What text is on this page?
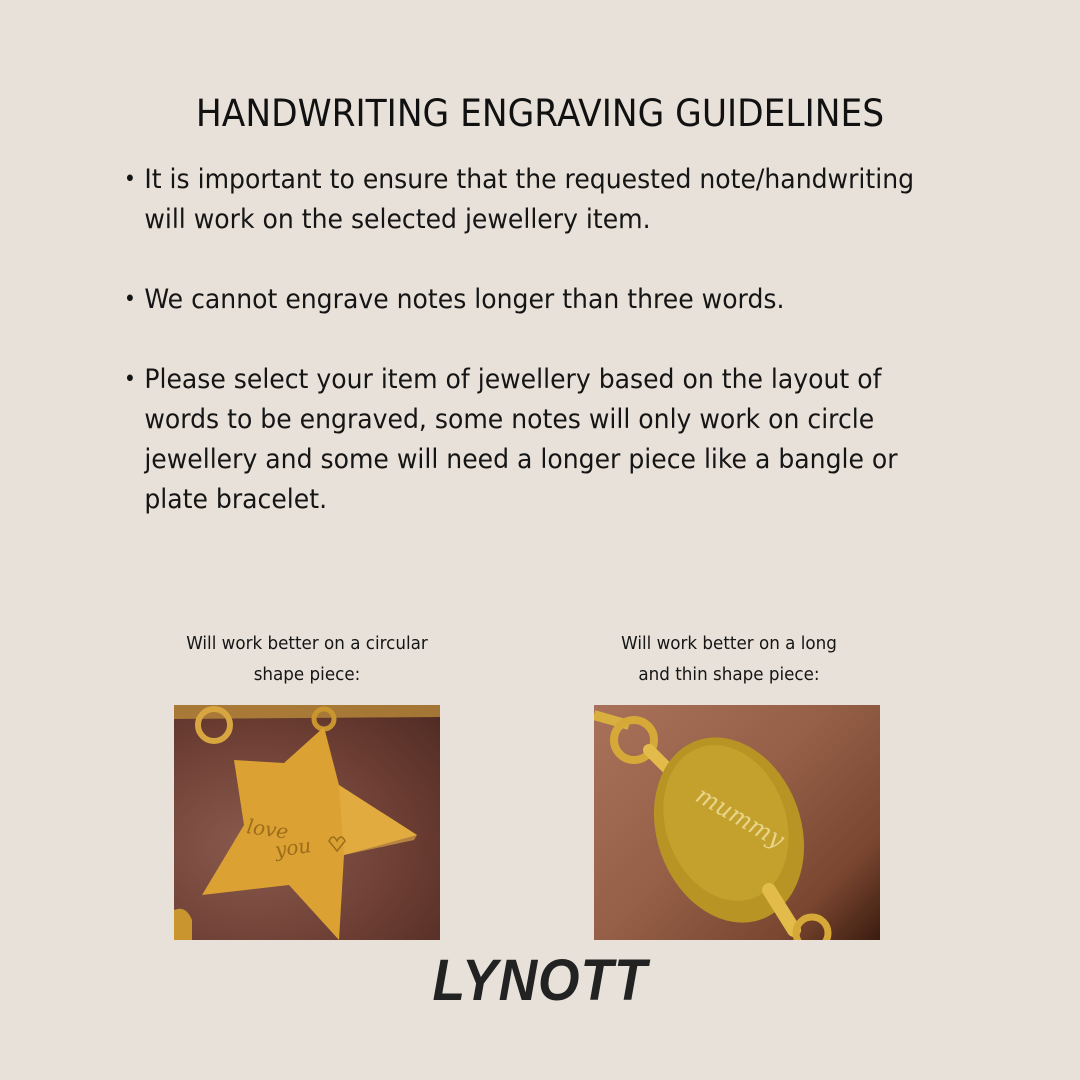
HANDWRITING ENGRAVING GUIDELINES
• It is important to ensure that the requested note/handwriting
will work on the selected jewellery item.
• We cannot engrave notes longer than three words.
• Please select your item of jewellery based on the layout of
words to be engraved, some notes will only work on circle
jewellery and some will need a longer piece like a bangle or
plate bracelet.
Will work better on a circular
shape piece:
Will work better on a long
and thin shape piece:
love
you	mummy
LYNOTT
